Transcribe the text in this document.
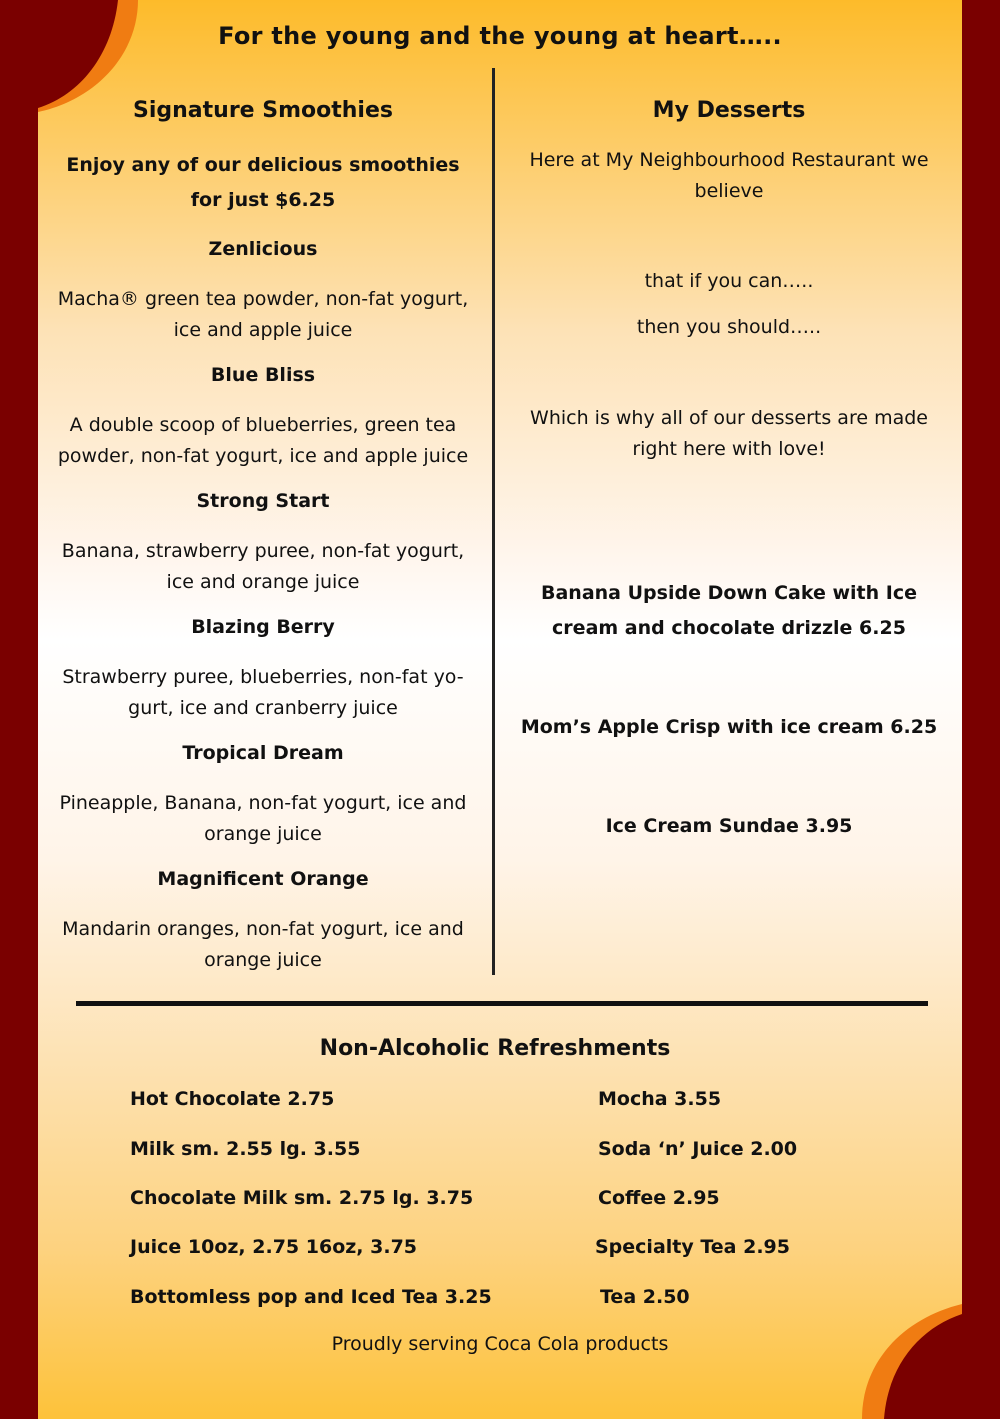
For the young and the young at heart…..
Signature Smoothies
Enjoy any of our delicious smoothies
for just $6.25
Zenlicious
Macha® green tea powder, non-fat yogurt,
ice and apple juice
Blue Bliss
A double scoop of blueberries, green tea
powder, non-fat yogurt, ice and apple juice
Strong Start
Banana, strawberry puree, non-fat yogurt,
ice and orange juice
Blazing Berry
Strawberry puree, blueberries, non-fat yo-
gurt, ice and cranberry juice
Tropical Dream
Pineapple, Banana, non-fat yogurt, ice and
orange juice
Magnificent Orange
Mandarin oranges, non-fat yogurt, ice and
orange juice
My Desserts
Here at My Neighbourhood Restaurant we
believe
that if you can…..
then you should…..
Which is why all of our desserts are made
right here with love!
Banana Upside Down Cake with Ice
cream and chocolate drizzle 6.25
Mom’s Apple Crisp with ice cream 6.25
Ice Cream Sundae 3.95
Non-Alcoholic Refreshments
Hot Chocolate 2.75
Milk sm. 2.55 lg. 3.55
Chocolate Milk sm. 2.75 lg. 3.75
Juice 10oz, 2.75 16oz, 3.75
Bottomless pop and Iced Tea 3.25
Mocha 3.55
Soda ‘n’ Juice 2.00
Coffee 2.95
Specialty Tea 2.95
Tea 2.50
Proudly serving Coca Cola products
